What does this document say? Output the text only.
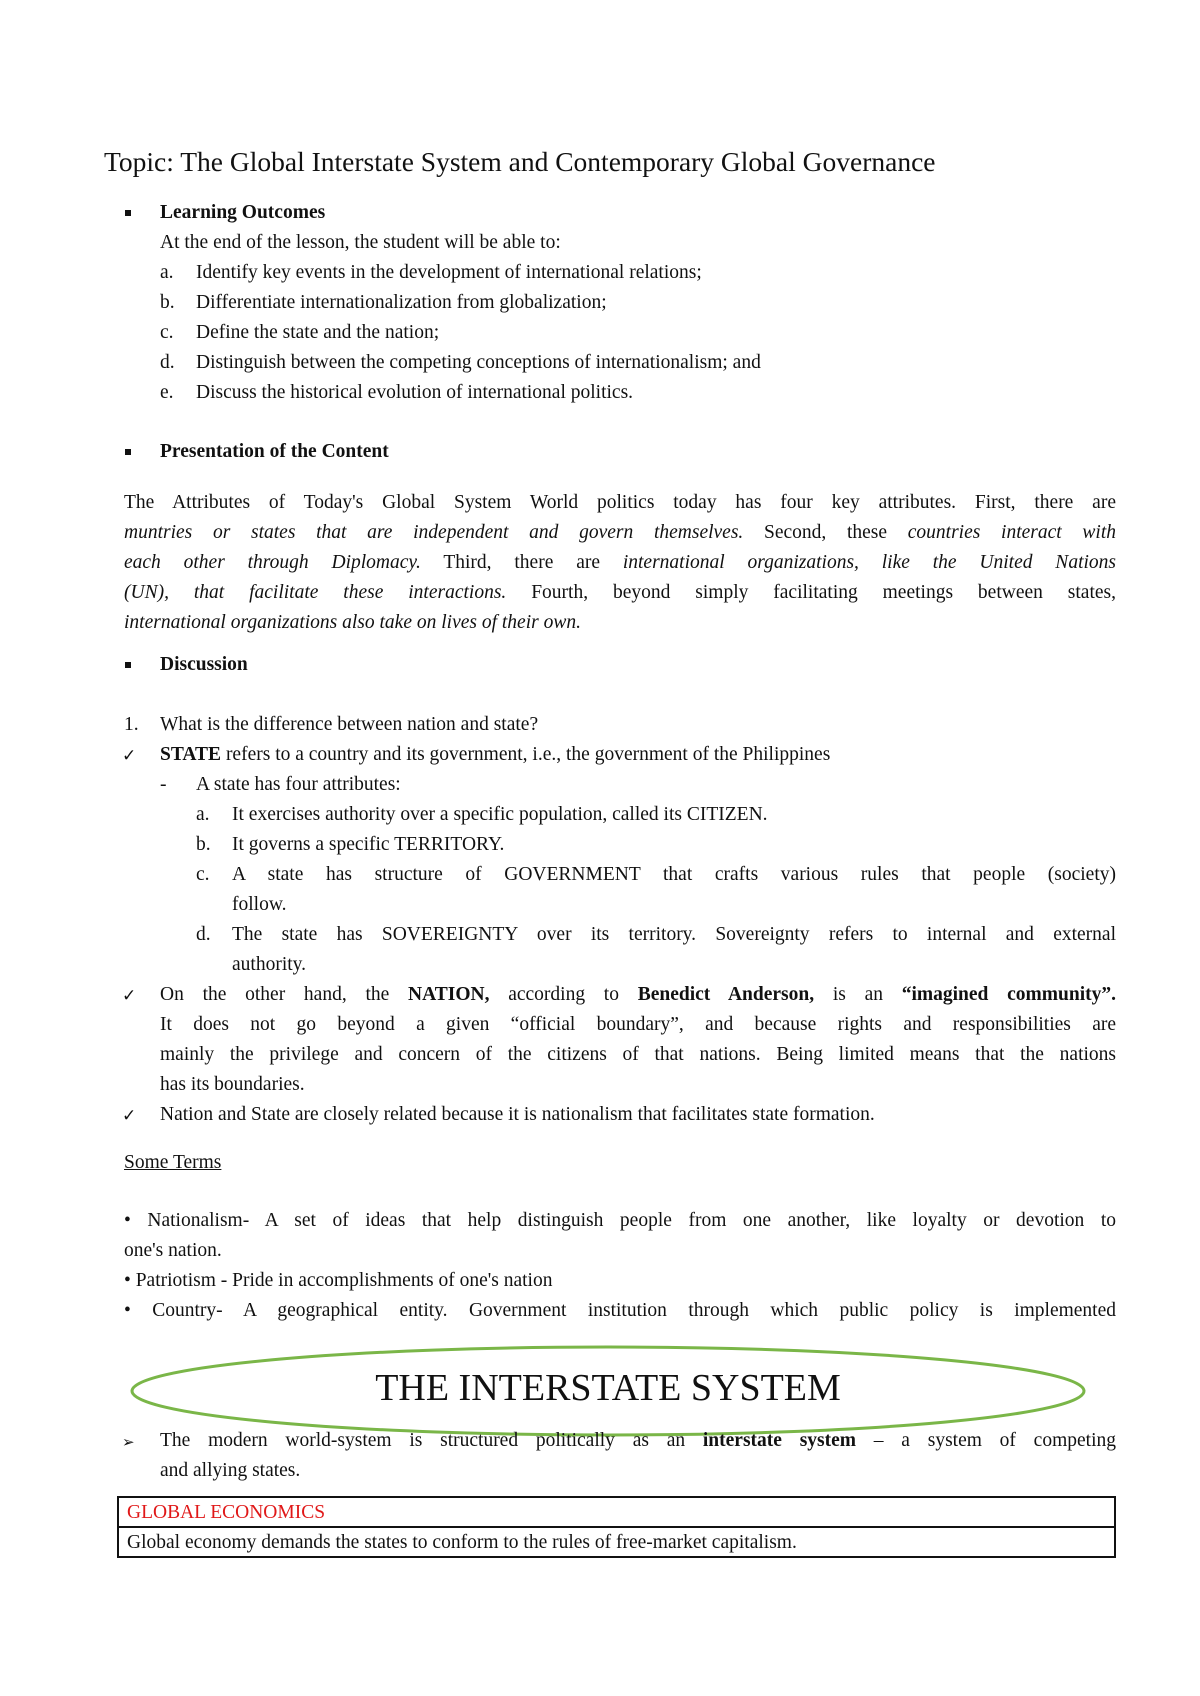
Topic: The Global Interstate System and Contemporary Global Governance
Learning Outcomes
At the end of the lesson, the student will be able to:
a. Identify key events in the development of international relations;
b. Differentiate internationalization from globalization;
c. Define the state and the nation;
d. Distinguish between the competing conceptions of internationalism; and
e. Discuss the historical evolution of international politics.
Presentation of the Content
The Attributes of Today's Global System World politics today has four key attributes. First, there are
muntries or states that are independent and govern themselves. Second, these countries interact with
each other through Diplomacy. Third, there are international organizations, like the United Nations
(UN), that facilitate these interactions. Fourth, beyond simply facilitating meetings between states,
international organizations also take on lives of their own.
Discussion
1. What is the difference between nation and state?
✓ STATE refers to a country and its government, i.e., the government of the Philippines
- A state has four attributes:
a. It exercises authority over a specific population, called its CITIZEN.
b. It governs a specific TERRITORY.
c. A state has structure of GOVERNMENT that crafts various rules that people (society)
follow.
d. The state has SOVEREIGNTY over its territory. Sovereignty refers to internal and external
authority.
✓ On the other hand, the NATION, according to Benedict Anderson, is an “imagined community”.
It does not go beyond a given “official boundary”, and because rights and responsibilities are
mainly the privilege and concern of the citizens of that nations. Being limited means that the nations
has its boundaries.
✓ Nation and State are closely related because it is nationalism that facilitates state formation.
Some Terms
• Nationalism- A set of ideas that help distinguish people from one another, like loyalty or devotion to
one's nation.
• Patriotism - Pride in accomplishments of one's nation
• Country- A geographical entity. Government institution through which public policy is implemented
THE INTERSTATE SYSTEM
➢ The modern world-system is structured politically as an interstate system – a system of competing
and allying states.
GLOBAL ECONOMICS
Global economy demands the states to conform to the rules of free-market capitalism.
